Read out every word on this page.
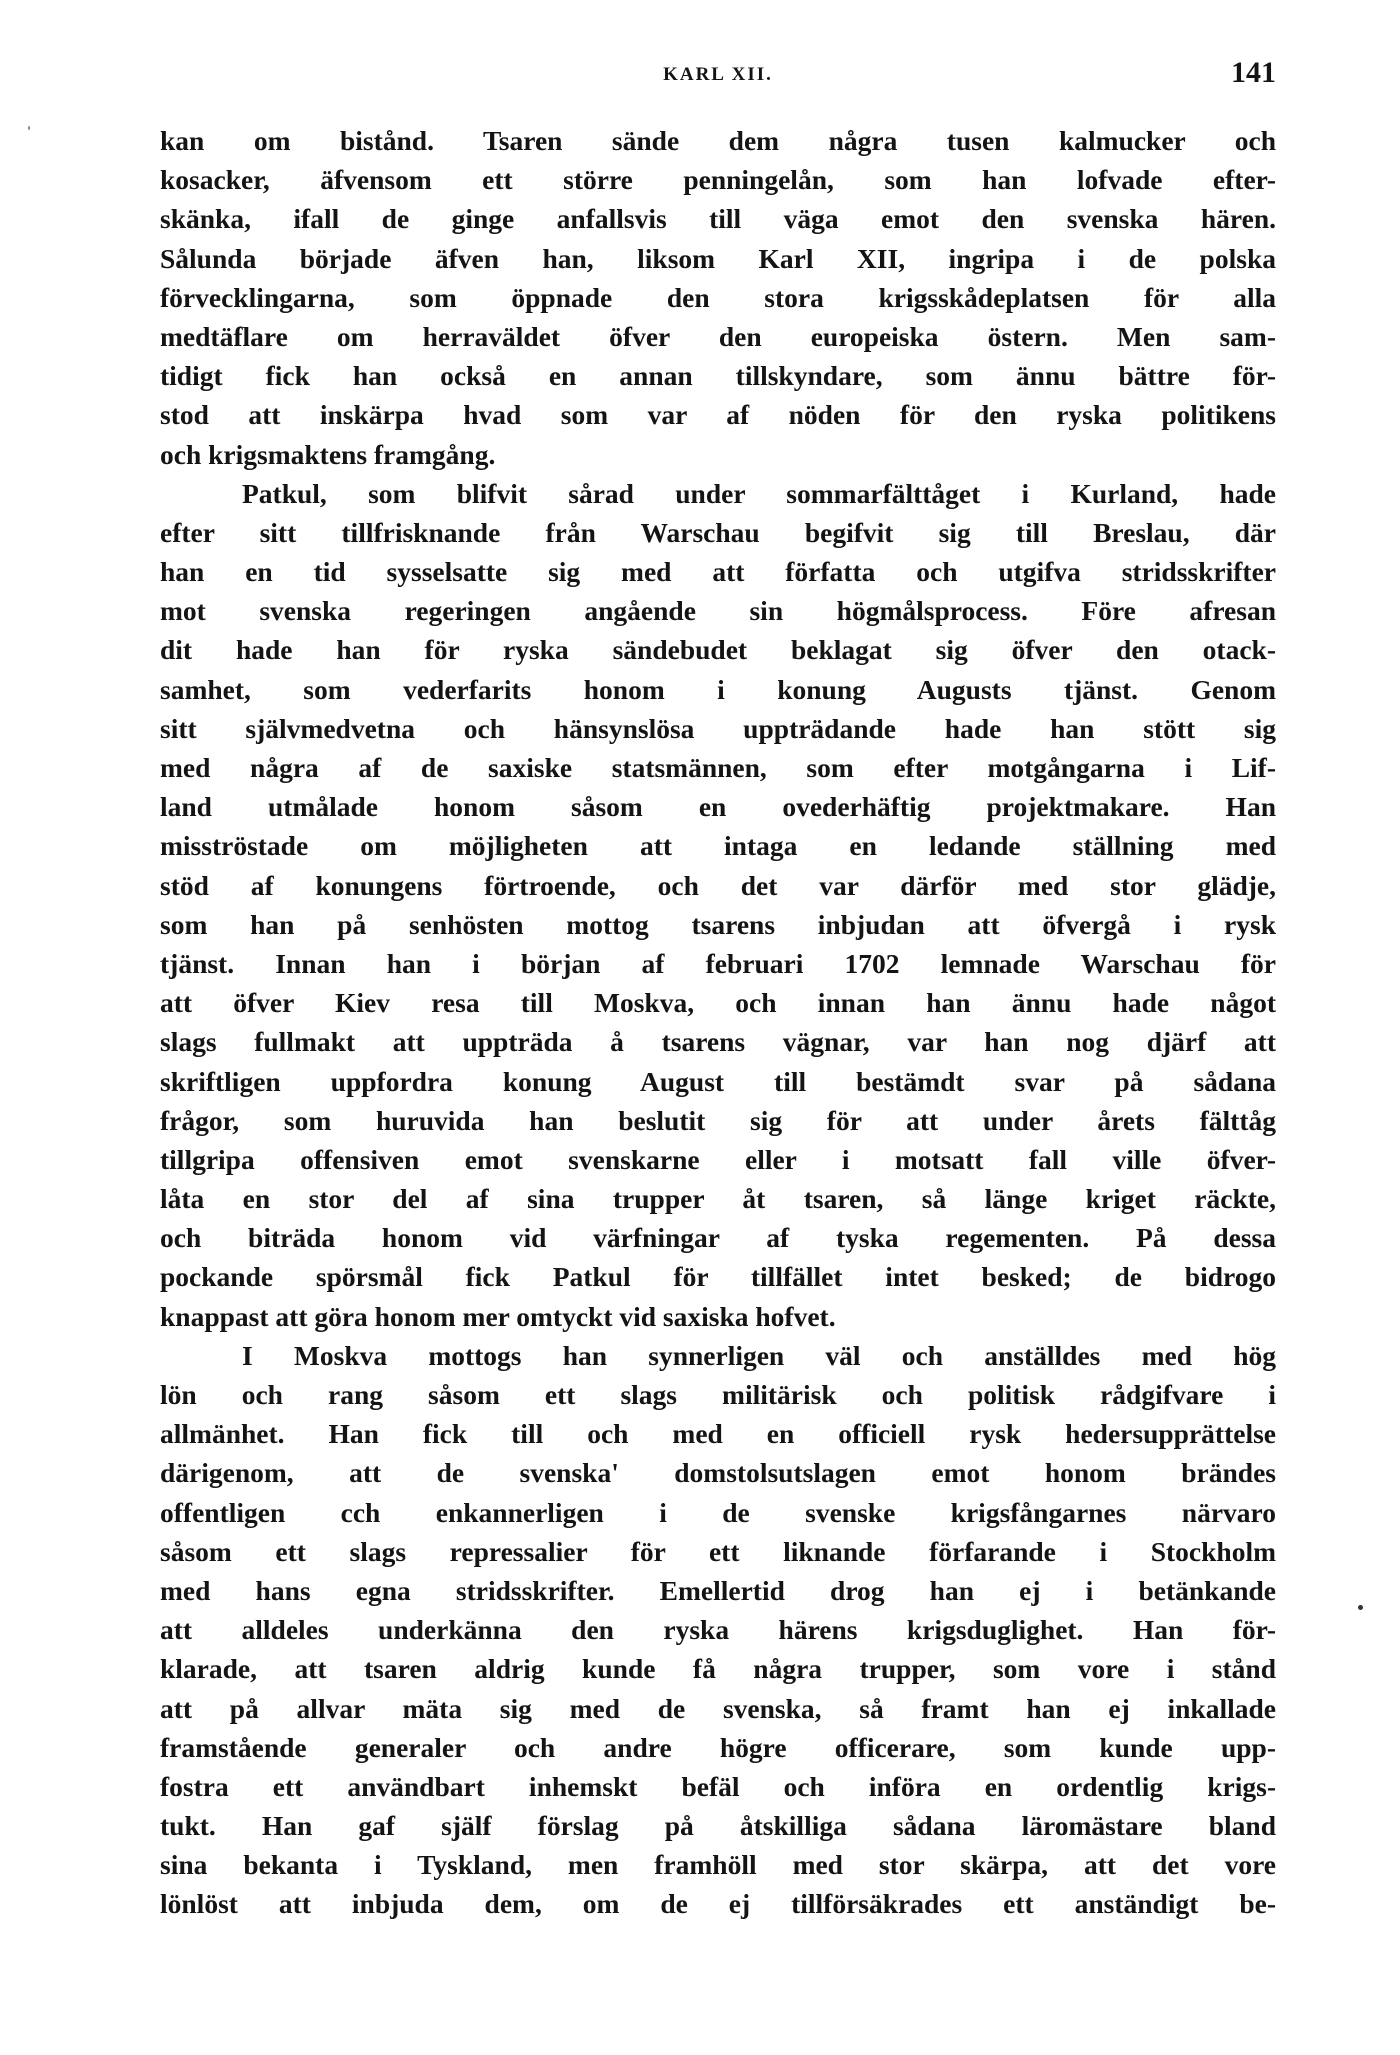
KARL XII.	141
kan om bistånd. Tsaren sände dem några tusen kalmucker och
kosacker, äfvensom ett större penningelån, som han lofvade efter-
skänka, ifall de ginge anfallsvis till väga emot den svenska hären.
Sålunda började äfven han, liksom Karl XII, ingripa i de polska
förvecklingarna, som öppnade den stora krigsskådeplatsen för alla
medtäflare om herraväldet öfver den europeiska östern. Men sam-
tidigt fick han också en annan tillskyndare, som ännu bättre för-
stod att inskärpa hvad som var af nöden för den ryska politikens
och krigsmaktens framgång.
Patkul, som blifvit sårad under sommarfälttåget i Kurland, hade
efter sitt tillfrisknande från Warschau begifvit sig till Breslau, där
han en tid sysselsatte sig med att författa och utgifva stridsskrifter
mot svenska regeringen angående sin högmålsprocess. Före afresan
dit hade han för ryska sändebudet beklagat sig öfver den otack-
samhet, som vederfarits honom i konung Augusts tjänst. Genom
sitt självmedvetna och hänsynslösa uppträdande hade han stött sig
med några af de saxiske statsmännen, som efter motgångarna i Lif-
land utmålade honom såsom en ovederhäftig projektmakare. Han
misströstade om möjligheten att intaga en ledande ställning med
stöd af konungens förtroende, och det var därför med stor glädje,
som han på senhösten mottog tsarens inbjudan att öfvergå i rysk
tjänst. Innan han i början af februari 1702 lemnade Warschau för
att öfver Kiev resa till Moskva, och innan han ännu hade något
slags fullmakt att uppträda å tsarens vägnar, var han nog djärf att
skriftligen uppfordra konung August till bestämdt svar på sådana
frågor, som huruvida han beslutit sig för att under årets fälttåg
tillgripa offensiven emot svenskarne eller i motsatt fall ville öfver-
låta en stor del af sina trupper åt tsaren, så länge kriget räckte,
och biträda honom vid värfningar af tyska regementen. På dessa
pockande spörsmål fick Patkul för tillfället intet besked; de bidrogo
knappast att göra honom mer omtyckt vid saxiska hofvet.
I Moskva mottogs han synnerligen väl och anställdes med hög
lön och rang såsom ett slags militärisk och politisk rådgifvare i
allmänhet. Han fick till och med en officiell rysk hedersupprättelse
därigenom, att de svenska' domstolsutslagen emot honom brändes
offentligen cch enkannerligen i de svenske krigsfångarnes närvaro
såsom ett slags repressalier för ett liknande förfarande i Stockholm
med hans egna stridsskrifter. Emellertid drog han ej i betänkande
att alldeles underkänna den ryska härens krigsduglighet. Han för-
klarade, att tsaren aldrig kunde få några trupper, som vore i stånd
att på allvar mäta sig med de svenska, så framt han ej inkallade
framstående generaler och andre högre officerare, som kunde upp-
fostra ett användbart inhemskt befäl och införa en ordentlig krigs-
tukt. Han gaf själf förslag på åtskilliga sådana läromästare bland
sina bekanta i Tyskland, men framhöll med stor skärpa, att det vore
lönlöst att inbjuda dem, om de ej tillförsäkrades ett anständigt be-
